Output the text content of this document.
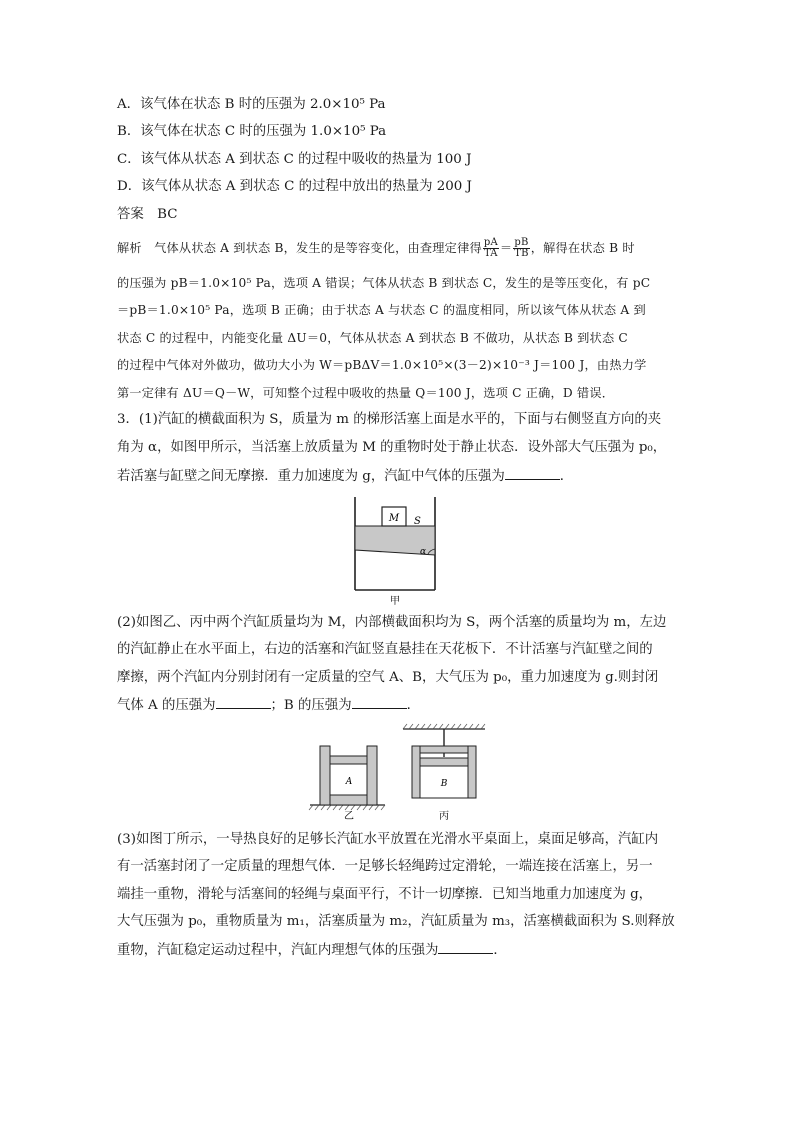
A．该气体在状态 B 时的压强为 2.0×10⁵ Pa
B．该气体在状态 C 时的压强为 1.0×10⁵ Pa
C．该气体从状态 A 到状态 C 的过程中吸收的热量为 100 J
D．该气体从状态 A 到状态 C 的过程中放出的热量为 200 J
答案　BC
解析　气体从状态 A 到状态 B，发生的是等容变化，由查理定律得 $\frac{pA}{TA} = \frac{pB}{TB}$ ，解得在状态 B 时
的压强为 pB＝1.0×10⁵ Pa，选项 A 错误；气体从状态 B 到状态 C，发生的是等压变化，有 pC
＝pB＝1.0×10⁵ Pa，选项 B 正确；由于状态 A 与状态 C 的温度相同，所以该气体从状态 A 到
状态 C 的过程中，内能变化量 ΔU＝0，气体从状态 A 到状态 B 不做功，从状态 B 到状态 C
的过程中气体对外做功，做功大小为 W＝pBΔV＝1.0×10⁵×(3－2)×10⁻³ J＝100 J，由热力学
第一定律有 ΔU＝Q－W，可知整个过程中吸收的热量 Q＝100 J，选项 C 正确，D 错误．
3．(1)汽缸的横截面积为 S，质量为 m 的梯形活塞上面是水平的，下面与右侧竖直方向的夹
角为 α，如图甲所示，当活塞上放质量为 M 的重物时处于静止状态．设外部大气压强为 p₀，
若活塞与缸壁之间无摩擦．重力加速度为 g，汽缸中气体的压强为	．
M S
α
甲
(2)如图乙、丙中两个汽缸质量均为 M，内部横截面积均为 S，两个活塞的质量均为 m，左边
的汽缸静止在水平面上，右边的活塞和汽缸竖直悬挂在天花板下．不计活塞与汽缸壁之间的
摩擦，两个汽缸内分别封闭有一定质量的空气 A、B，大气压为 p₀，重力加速度为 g.则封闭
气体 A 的压强为	；B 的压强为	．
A
乙
B
丙
(3)如图丁所示，一导热良好的足够长汽缸水平放置在光滑水平桌面上，桌面足够高，汽缸内
有一活塞封闭了一定质量的理想气体．一足够长轻绳跨过定滑轮，一端连接在活塞上，另一
端挂一重物，滑轮与活塞间的轻绳与桌面平行，不计一切摩擦．已知当地重力加速度为 g，
大气压强为 p₀，重物质量为 m₁，活塞质量为 m₂，汽缸质量为 m₃，活塞横截面积为 S.则释放
重物，汽缸稳定运动过程中，汽缸内理想气体的压强为	．
